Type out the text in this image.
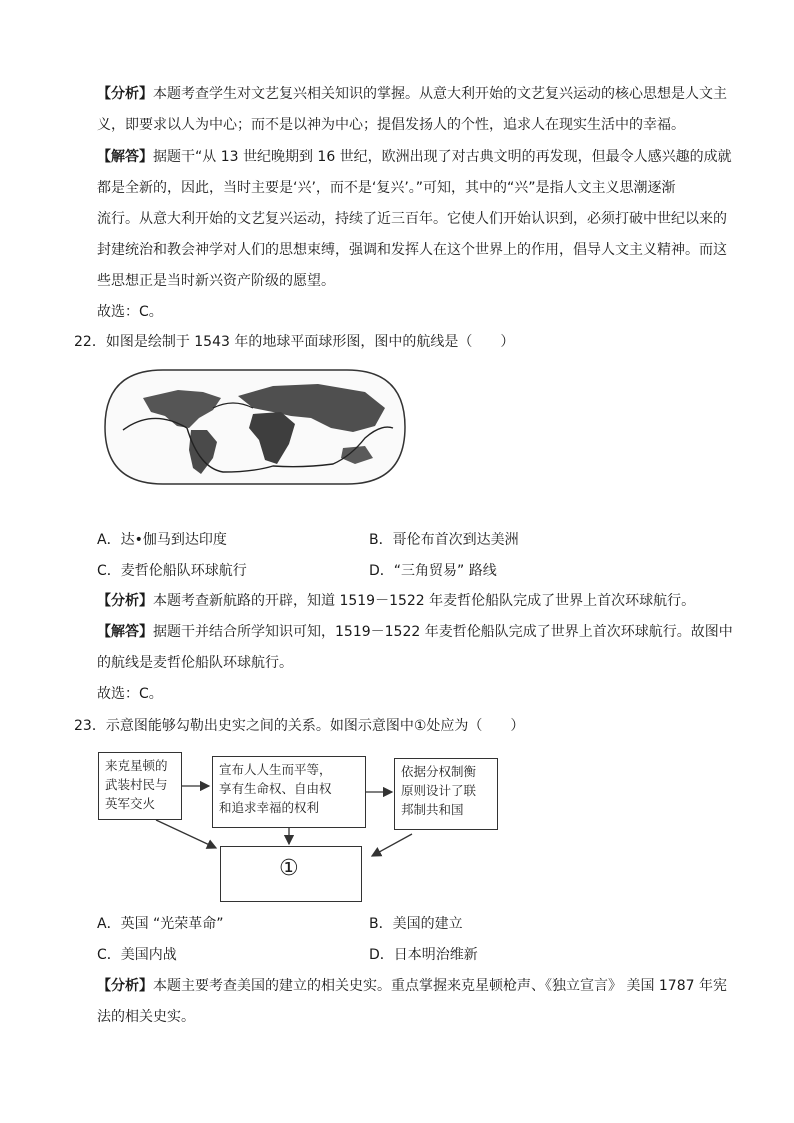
【分析】本题考查学生对文艺复兴相关知识的掌握。从意大利开始的文艺复兴运动的核心思想是人文主
义，即要求以人为中心；而不是以神为中心；提倡发扬人的个性，追求人在现实生活中的幸福。
【解答】据题干“从 13 世纪晚期到 16 世纪，欧洲出现了对古典文明的再发现，但最令人感兴趣的成就
都是全新的，因此，当时主要是‘兴’，而不是‘复兴’。”可知，其中的“兴”是指人文主义思潮逐渐
流行。从意大利开始的文艺复兴运动，持续了近三百年。它使人们开始认识到，必须打破中世纪以来的
封建统治和教会神学对人们的思想束缚，强调和发挥人在这个世界上的作用，倡导人文主义精神。而这
些思想正是当时新兴资产阶级的愿望。
故选：C。
22．如图是绘制于 1543 年的地球平面球形图，图中的航线是（　　）
A．达•伽马到达印度	B．哥伦布首次到达美洲
C．麦哲伦船队环球航行	D．“三角贸易” 路线
【分析】本题考查新航路的开辟，知道 1519－1522 年麦哲伦船队完成了世界上首次环球航行。
【解答】据题干并结合所学知识可知，1519－1522 年麦哲伦船队完成了世界上首次环球航行。故图中
的航线是麦哲伦船队环球航行。
故选：C。
23．示意图能够勾勒出史实之间的关系。如图示意图中①处应为（　　）
来克星顿的
武装村民与
英军交火
宣布人人生而平等，
享有生命权、自由权
和追求幸福的权利
①
依据分权制衡
原则设计了联
邦制共和国
A．英国 “光荣革命”	B．美国的建立
C．美国内战	D．日本明治维新
【分析】本题主要考查美国的建立的相关史实。重点掌握来克星顿枪声、《独立宣言》 美国 1787 年宪
法的相关史实。
